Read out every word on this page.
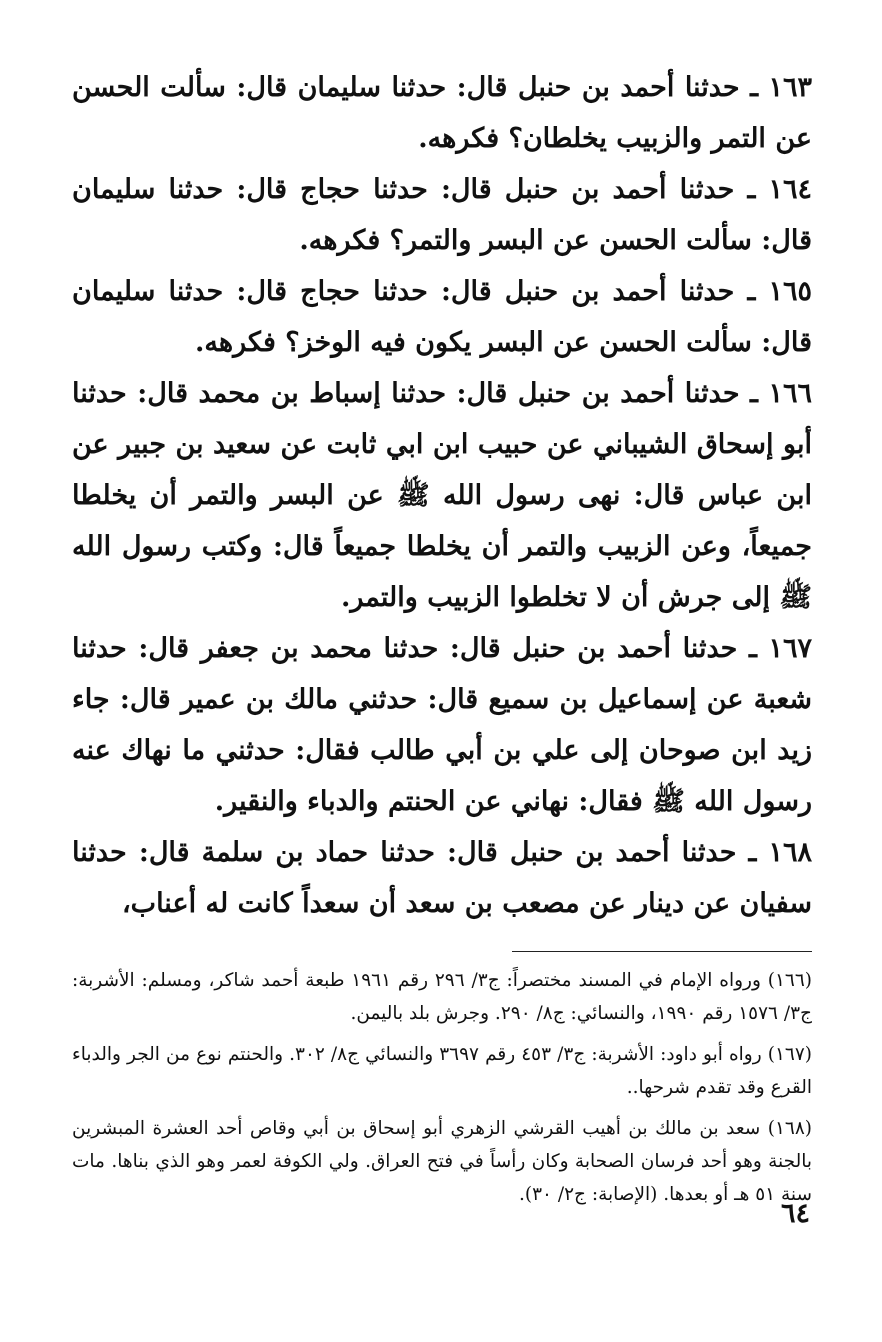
١٦٣ ـ حدثنا أحمد بن حنبل قال: حدثنا سليمان قال: سألت الحسن عن التمر والزبيب يخلطان؟ فكرهه.

١٦٤ ـ حدثنا أحمد بن حنبل قال: حدثنا حجاج قال: حدثنا سليمان قال: سألت الحسن عن البسر والتمر؟ فكرهه.

١٦٥ ـ حدثنا أحمد بن حنبل قال: حدثنا حجاج قال: حدثنا سليمان قال: سألت الحسن عن البسر يكون فيه الوخز؟ فكرهه.

١٦٦ ـ حدثنا أحمد بن حنبل قال: حدثنا إسباط بن محمد قال: حدثنا أبو إسحاق الشيباني عن حبيب ابن ابي ثابت عن سعيد بن جبير عن ابن عباس قال: نهى رسول الله ﷺ عن البسر والتمر أن يخلطا جميعاً، وعن الزبيب والتمر أن يخلطا جميعاً قال: وكتب رسول الله ﷺ إلى جرش أن لا تخلطوا الزبيب والتمر.

١٦٧ ـ حدثنا أحمد بن حنبل قال: حدثنا محمد بن جعفر قال: حدثنا شعبة عن إسماعيل بن سميع قال: حدثني مالك بن عمير قال: جاء زيد ابن صوحان إلى علي بن أبي طالب فقال: حدثني ما نهاك عنه رسول الله ﷺ فقال: نهاني عن الحنتم والدباء والنقير.

١٦٨ ـ حدثنا أحمد بن حنبل قال: حدثنا حماد بن سلمة قال: حدثنا سفيان عن دينار عن مصعب بن سعد أن سعداً كانت له أعناب،

(١٦٦) ورواه الإمام في المسند مختصراً: ج٣/ ٢٩٦ رقم ١٩٦١ طبعة أحمد شاكر، ومسلم: الأشربة: ج٣/ ١٥٧٦ رقم ١٩٩٠، والنسائي: ج٨/ ٢٩٠. وجرش بلد باليمن.

(١٦٧) رواه أبو داود: الأشربة: ج٣/ ٤٥٣ رقم ٣٦٩٧ والنسائي ج٨/ ٣٠٢. والحنتم نوع من الجر والدباء القرع وقد تقدم شرحها..

(١٦٨) سعد بن مالك بن أهيب القرشي الزهري أبو إسحاق بن أبي وقاص أحد العشرة المبشرين بالجنة وهو أحد فرسان الصحابة وكان رأساً في فتح العراق. ولي الكوفة لعمر وهو الذي بناها. مات سنة ٥١ هـ أو بعدها. (الإصابة: ج٢/ ٣٠).

٦٤
